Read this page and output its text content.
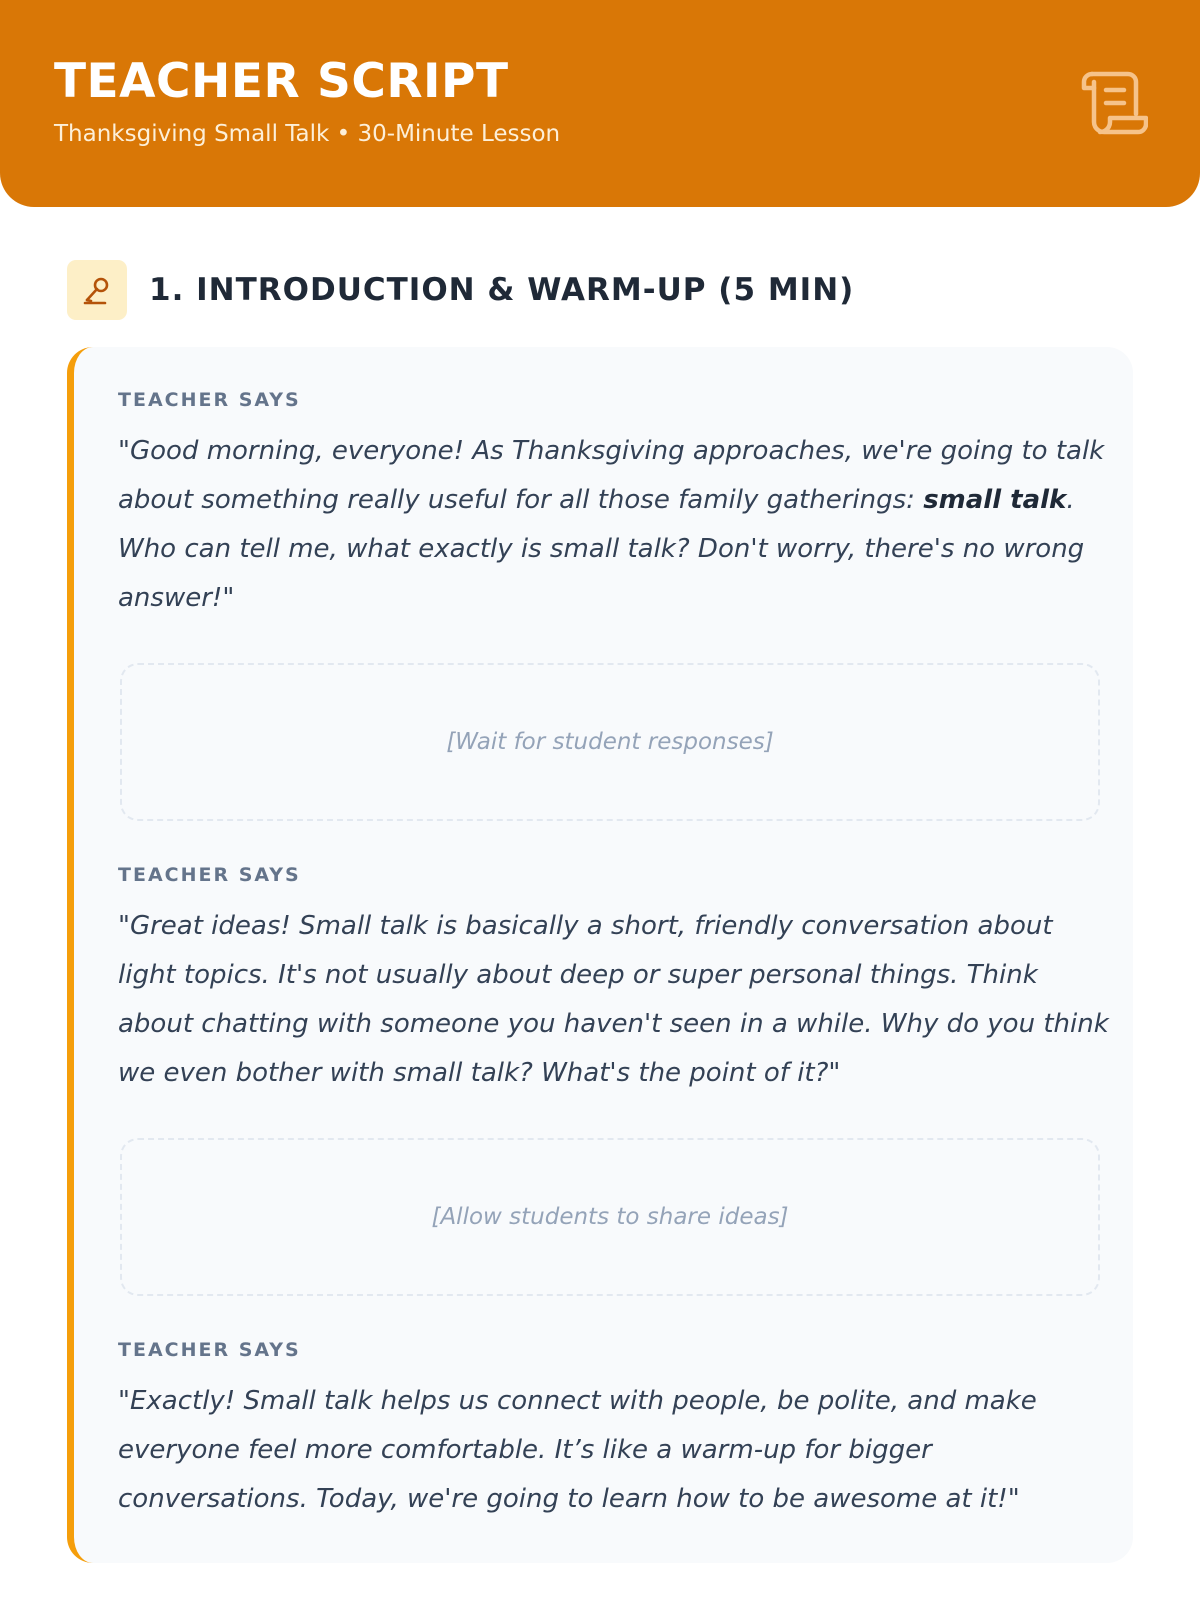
TEACHER SCRIPT
Thanksgiving Small Talk • 30-Minute Lesson
1. INTRODUCTION & WARM-UP (5 MIN)
TEACHER SAYS

"Good morning, everyone! As Thanksgiving approaches, we're going to talk about something really useful for all those family gatherings: small talk. Who can tell me, what exactly is small talk? Don't worry, there's no wrong answer!"

[Wait for student responses]
TEACHER SAYS

"Great ideas! Small talk is basically a short, friendly conversation about light topics. It's not usually about deep or super personal things. Think about chatting with someone you haven't seen in a while. Why do you think we even bother with small talk? What's the point of it?"

[Allow students to share ideas]
TEACHER SAYS

"Exactly! Small talk helps us connect with people, be polite, and make everyone feel more comfortable. It’s like a warm-up for bigger conversations. Today, we're going to learn how to be awesome at it!"
